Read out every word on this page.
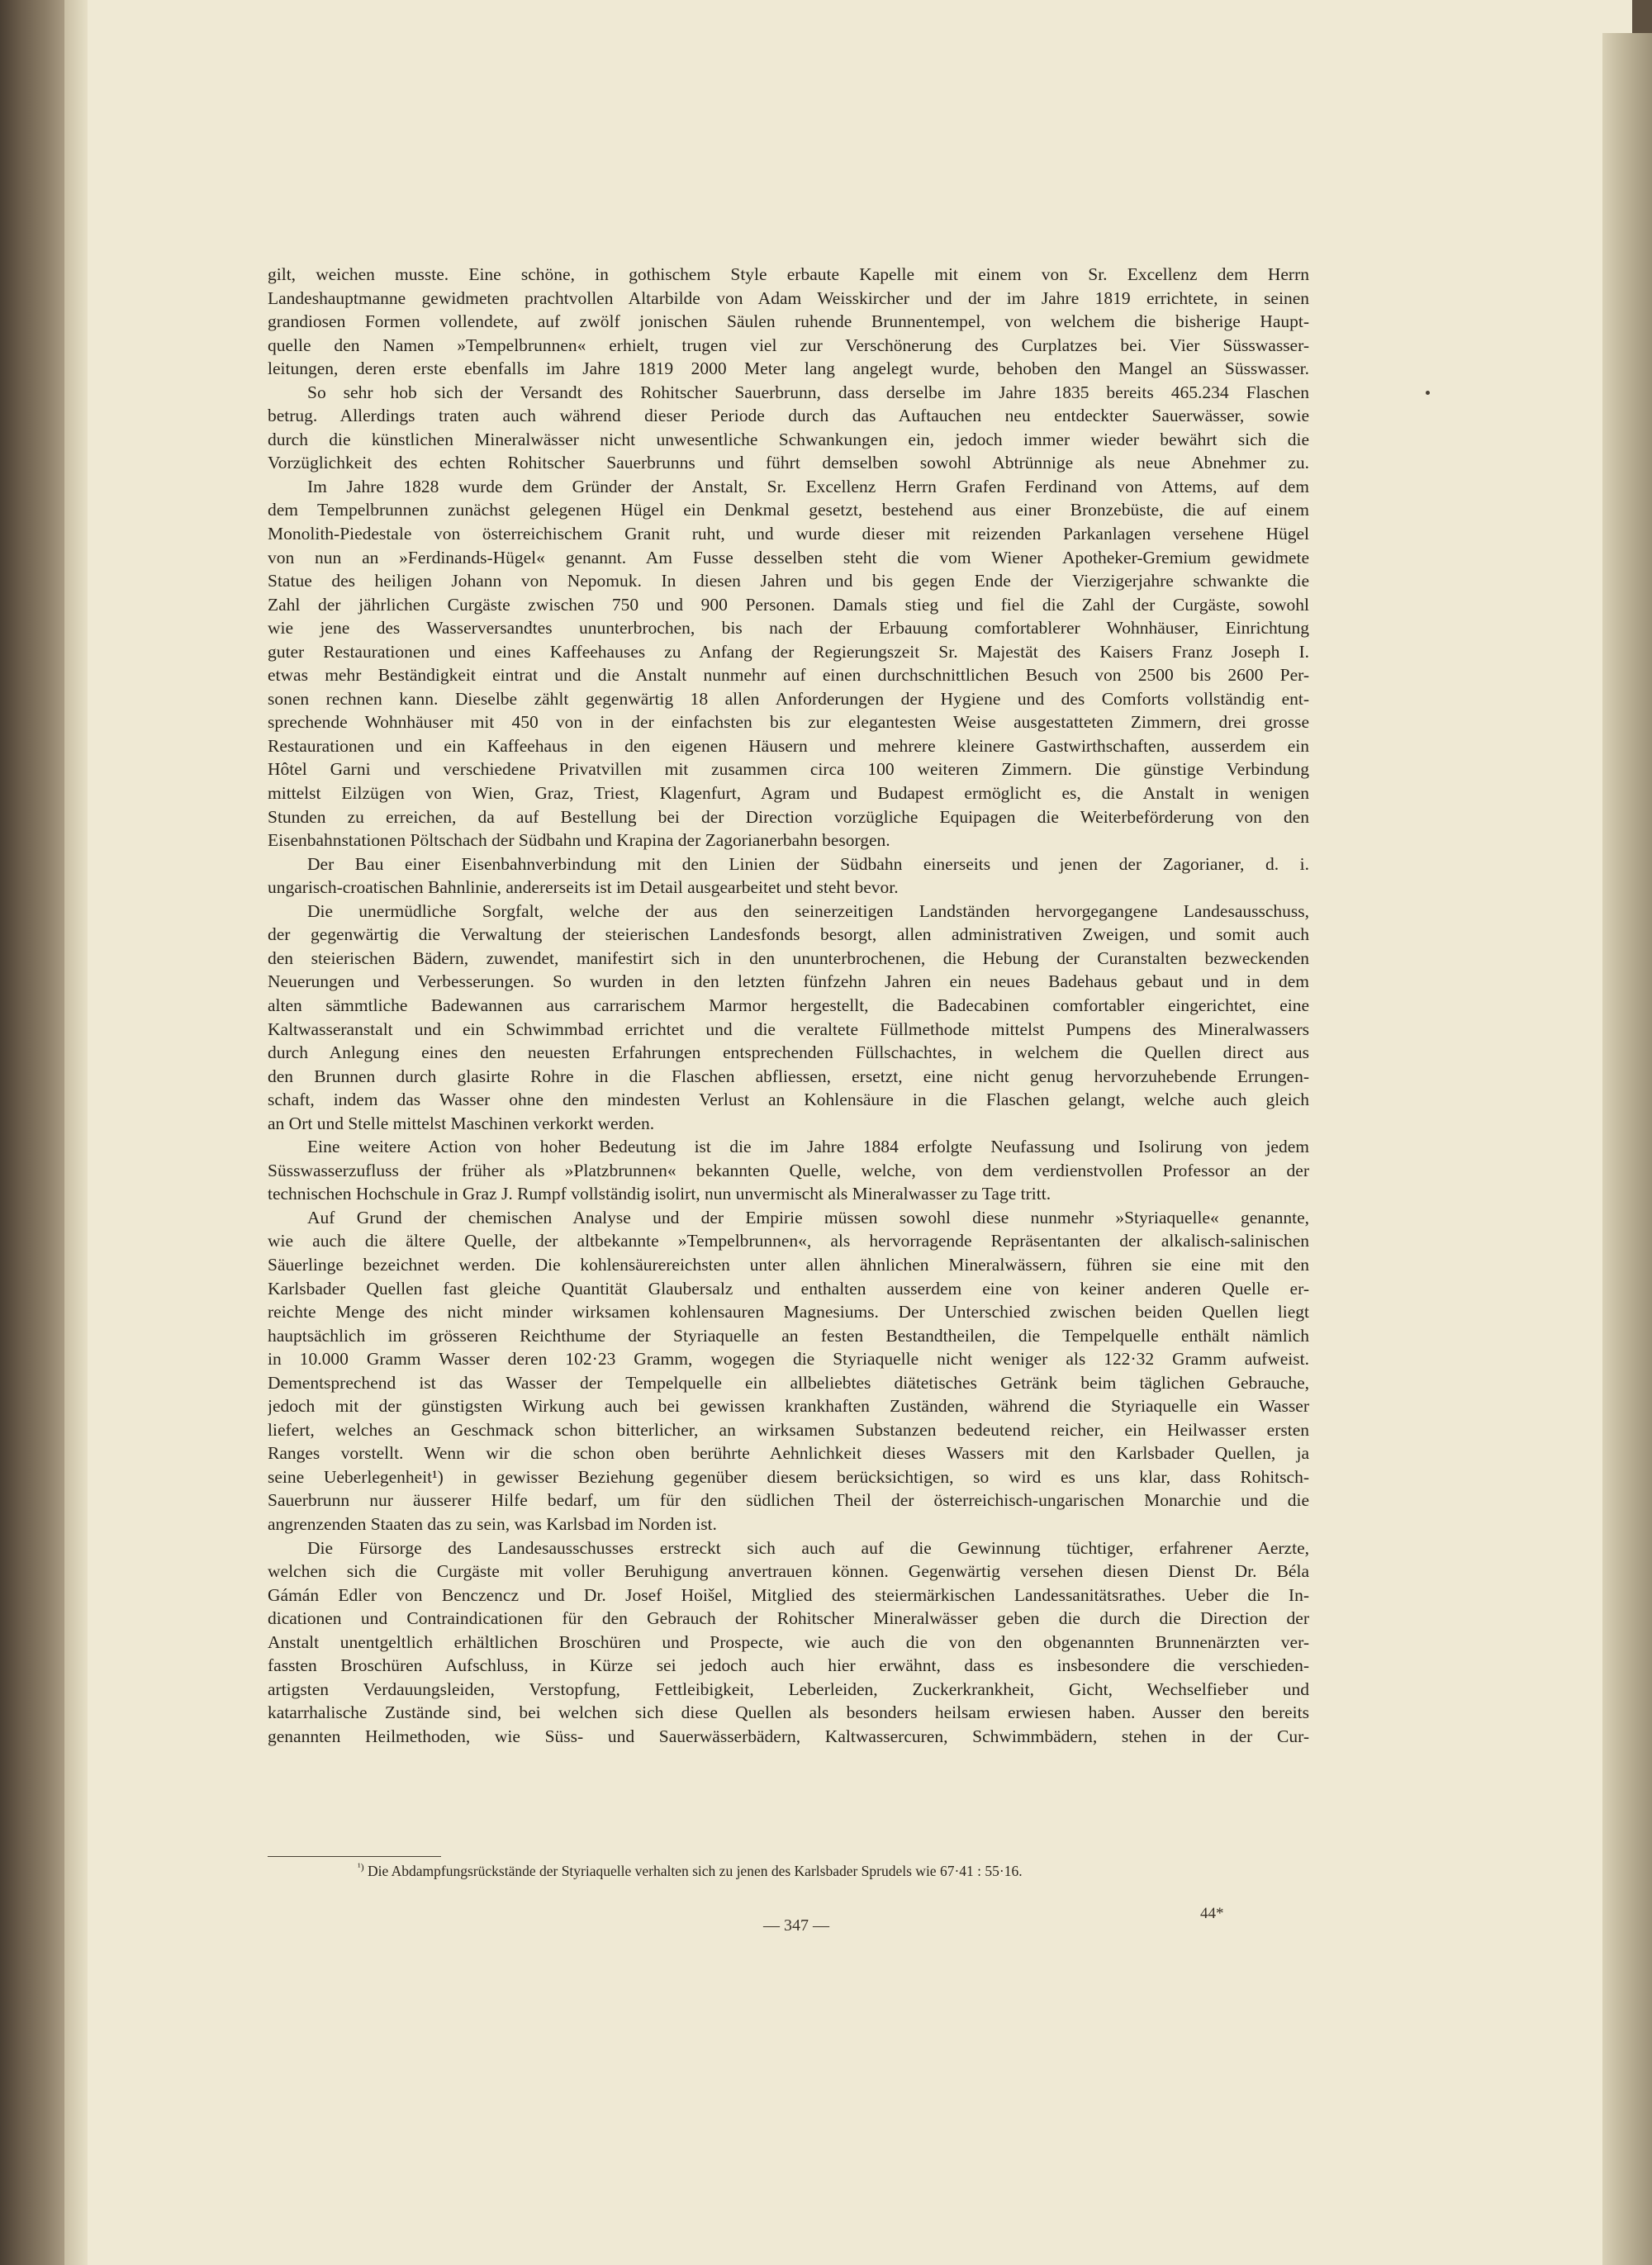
gilt, weichen musste. Eine schöne, in gothischem Style erbaute Kapelle mit einem von Sr. Excellenz dem Herrn
Landeshauptmanne gewidmeten prachtvollen Altarbilde von Adam Weisskircher und der im Jahre 1819 errichtete, in seinen
grandiosen Formen vollendete, auf zwölf jonischen Säulen ruhende Brunnentempel, von welchem die bisherige Haupt-
quelle den Namen »Tempelbrunnen« erhielt, trugen viel zur Verschönerung des Curplatzes bei. Vier Süsswasser-
leitungen, deren erste ebenfalls im Jahre 1819 2000 Meter lang angelegt wurde, behoben den Mangel an Süsswasser.
So sehr hob sich der Versandt des Rohitscher Sauerbrunn, dass derselbe im Jahre 1835 bereits 465.234 Flaschen
betrug. Allerdings traten auch während dieser Periode durch das Auftauchen neu entdeckter Sauerwässer, sowie
durch die künstlichen Mineralwässer nicht unwesentliche Schwankungen ein, jedoch immer wieder bewährt sich die
Vorzüglichkeit des echten Rohitscher Sauerbrunns und führt demselben sowohl Abtrünnige als neue Abnehmer zu.
Im Jahre 1828 wurde dem Gründer der Anstalt, Sr. Excellenz Herrn Grafen Ferdinand von Attems, auf dem
dem Tempelbrunnen zunächst gelegenen Hügel ein Denkmal gesetzt, bestehend aus einer Bronzebüste, die auf einem
Monolith-Piedestale von österreichischem Granit ruht, und wurde dieser mit reizenden Parkanlagen versehene Hügel
von nun an »Ferdinands-Hügel« genannt. Am Fusse desselben steht die vom Wiener Apotheker-Gremium gewidmete
Statue des heiligen Johann von Nepomuk. In diesen Jahren und bis gegen Ende der Vierzigerjahre schwankte die
Zahl der jährlichen Curgäste zwischen 750 und 900 Personen. Damals stieg und fiel die Zahl der Curgäste, sowohl
wie jene des Wasserversandtes ununterbrochen, bis nach der Erbauung comfortablerer Wohnhäuser, Einrichtung
guter Restaurationen und eines Kaffeehauses zu Anfang der Regierungszeit Sr. Majestät des Kaisers Franz Joseph I.
etwas mehr Beständigkeit eintrat und die Anstalt nunmehr auf einen durchschnittlichen Besuch von 2500 bis 2600 Per-
sonen rechnen kann. Dieselbe zählt gegenwärtig 18 allen Anforderungen der Hygiene und des Comforts vollständig ent-
sprechende Wohnhäuser mit 450 von in der einfachsten bis zur elegantesten Weise ausgestatteten Zimmern, drei grosse
Restaurationen und ein Kaffeehaus in den eigenen Häusern und mehrere kleinere Gastwirthschaften, ausserdem ein
Hôtel Garni und verschiedene Privatvillen mit zusammen circa 100 weiteren Zimmern. Die günstige Verbindung
mittelst Eilzügen von Wien, Graz, Triest, Klagenfurt, Agram und Budapest ermöglicht es, die Anstalt in wenigen
Stunden zu erreichen, da auf Bestellung bei der Direction vorzügliche Equipagen die Weiterbeförderung von den
Eisenbahnstationen Pöltschach der Südbahn und Krapina der Zagorianerbahn besorgen.
Der Bau einer Eisenbahnverbindung mit den Linien der Südbahn einerseits und jenen der Zagorianer, d. i.
ungarisch-croatischen Bahnlinie, andererseits ist im Detail ausgearbeitet und steht bevor.
Die unermüdliche Sorgfalt, welche der aus den seinerzeitigen Landständen hervorgegangene Landesausschuss,
der gegenwärtig die Verwaltung der steierischen Landesfonds besorgt, allen administrativen Zweigen, und somit auch
den steierischen Bädern, zuwendet, manifestirt sich in den ununterbrochenen, die Hebung der Curanstalten bezweckenden
Neuerungen und Verbesserungen. So wurden in den letzten fünfzehn Jahren ein neues Badehaus gebaut und in dem
alten sämmtliche Badewannen aus carrarischem Marmor hergestellt, die Badecabinen comfortabler eingerichtet, eine
Kaltwasseranstalt und ein Schwimmbad errichtet und die veraltete Füllmethode mittelst Pumpens des Mineralwassers
durch Anlegung eines den neuesten Erfahrungen entsprechenden Füllschachtes, in welchem die Quellen direct aus
den Brunnen durch glasirte Rohre in die Flaschen abfliessen, ersetzt, eine nicht genug hervorzuhebende Errungen-
schaft, indem das Wasser ohne den mindesten Verlust an Kohlensäure in die Flaschen gelangt, welche auch gleich
an Ort und Stelle mittelst Maschinen verkorkt werden.
Eine weitere Action von hoher Bedeutung ist die im Jahre 1884 erfolgte Neufassung und Isolirung von jedem
Süsswasserzufluss der früher als »Platzbrunnen« bekannten Quelle, welche, von dem verdienstvollen Professor an der
technischen Hochschule in Graz J. Rumpf vollständig isolirt, nun unvermischt als Mineralwasser zu Tage tritt.
Auf Grund der chemischen Analyse und der Empirie müssen sowohl diese nunmehr »Styriaquelle« genannte,
wie auch die ältere Quelle, der altbekannte »Tempelbrunnen«, als hervorragende Repräsentanten der alkalisch-salinischen
Säuerlinge bezeichnet werden. Die kohlensäurereichsten unter allen ähnlichen Mineralwässern, führen sie eine mit den
Karlsbader Quellen fast gleiche Quantität Glaubersalz und enthalten ausserdem eine von keiner anderen Quelle er-
reichte Menge des nicht minder wirksamen kohlensauren Magnesiums. Der Unterschied zwischen beiden Quellen liegt
hauptsächlich im grösseren Reichthume der Styriaquelle an festen Bestandtheilen, die Tempelquelle enthält nämlich
in 10.000 Gramm Wasser deren 102·23 Gramm, wogegen die Styriaquelle nicht weniger als 122·32 Gramm aufweist.
Dementsprechend ist das Wasser der Tempelquelle ein allbeliebtes diätetisches Getränk beim täglichen Gebrauche,
jedoch mit der günstigsten Wirkung auch bei gewissen krankhaften Zuständen, während die Styriaquelle ein Wasser
liefert, welches an Geschmack schon bitterlicher, an wirksamen Substanzen bedeutend reicher, ein Heilwasser ersten
Ranges vorstellt. Wenn wir die schon oben berührte Aehnlichkeit dieses Wassers mit den Karlsbader Quellen, ja
seine Ueberlegenheit¹) in gewisser Beziehung gegenüber diesem berücksichtigen, so wird es uns klar, dass Rohitsch-
Sauerbrunn nur äusserer Hilfe bedarf, um für den südlichen Theil der österreichisch-ungarischen Monarchie und die
angrenzenden Staaten das zu sein, was Karlsbad im Norden ist.
Die Fürsorge des Landesausschusses erstreckt sich auch auf die Gewinnung tüchtiger, erfahrener Aerzte,
welchen sich die Curgäste mit voller Beruhigung anvertrauen können. Gegenwärtig versehen diesen Dienst Dr. Béla
Gámán Edler von Benczencz und Dr. Josef Hoišel, Mitglied des steiermärkischen Landessanitätsrathes. Ueber die In-
dicationen und Contraindicationen für den Gebrauch der Rohitscher Mineralwässer geben die durch die Direction der
Anstalt unentgeltlich erhältlichen Broschüren und Prospecte, wie auch die von den obgenannten Brunnenärzten ver-
fassten Broschüren Aufschluss, in Kürze sei jedoch auch hier erwähnt, dass es insbesondere die verschieden-
artigsten Verdauungsleiden, Verstopfung, Fettleibigkeit, Leberleiden, Zuckerkrankheit, Gicht, Wechselfieber und
katarrhalische Zustände sind, bei welchen sich diese Quellen als besonders heilsam erwiesen haben. Ausser den bereits
genannten Heilmethoden, wie Süss- und Sauerwässerbädern, Kaltwassercuren, Schwimmbädern, stehen in der Cur-
$^{^1)}$ Die Abdampfungsrückstände der Styriaquelle verhalten sich zu jenen des Karlsbader Sprudels wie 67·41 : 55·16.
— 347 —
44*
